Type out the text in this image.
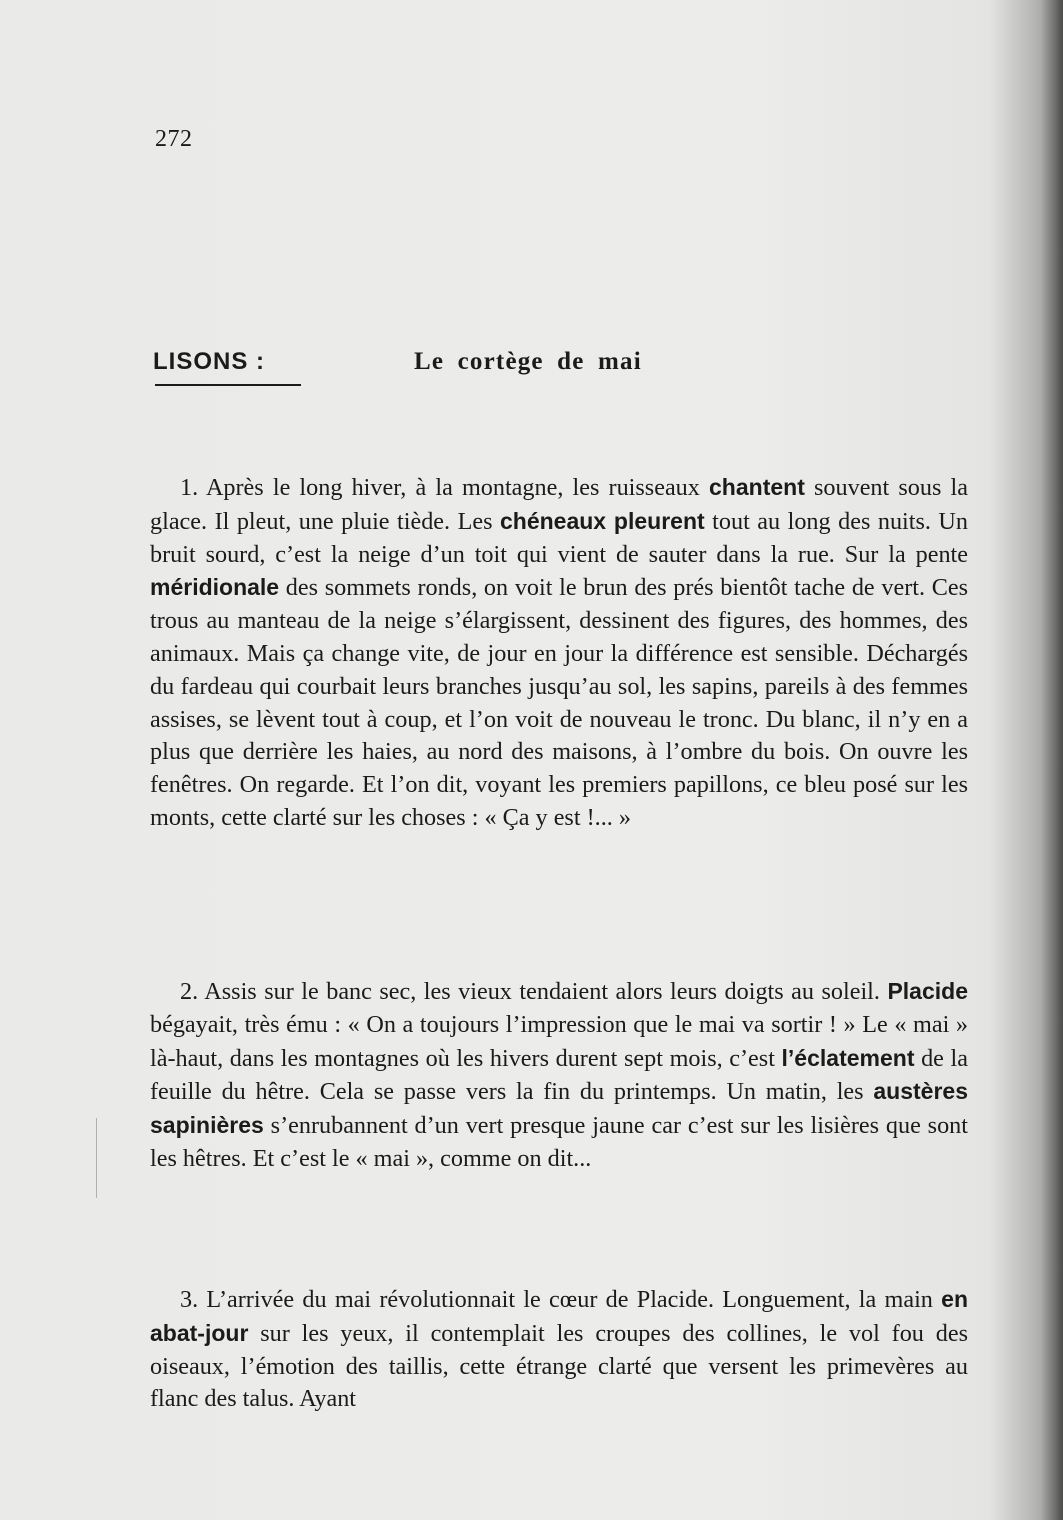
272
LISONS :	Le cortège de mai

1. Après le long hiver, à la montagne, les ruisseaux chantent souvent sous la glace. Il pleut, une pluie tiède. Les chéneaux pleurent tout au long des nuits. Un bruit sourd, c’est la neige d’un toit qui vient de sauter dans la rue. Sur la pente méridionale des sommets ronds, on voit le brun des prés bientôt tache de vert. Ces trous au manteau de la neige s’élargissent, dessinent des figures, des hommes, des animaux. Mais ça change vite, de jour en jour la différence est sensible. Déchargés du fardeau qui courbait leurs branches jusqu’au sol, les sapins, pareils à des femmes assises, se lèvent tout à coup, et l’on voit de nouveau le tronc. Du blanc, il n’y en a plus que derrière les haies, au nord des maisons, à l’ombre du bois. On ouvre les fenêtres. On regarde. Et l’on dit, voyant les premiers papillons, ce bleu posé sur les monts, cette clarté sur les choses : « Ça y est !... »

2. Assis sur le banc sec, les vieux tendaient alors leurs doigts au soleil. Placide bégayait, très ému : « On a toujours l’impression que le mai va sortir ! » Le « mai » là-haut, dans les montagnes où les hivers durent sept mois, c’est l’éclatement de la feuille du hêtre. Cela se passe vers la fin du printemps. Un matin, les austères sapinières s’enrubannent d’un vert presque jaune car c’est sur les lisières que sont les hêtres. Et c’est le « mai », comme on dit...

3. L’arrivée du mai révolutionnait le cœur de Placide. Longuement, la main en abat-jour sur les yeux, il contemplait les croupes des collines, le vol fou des oiseaux, l’émotion des taillis, cette étrange clarté que versent les primevères au flanc des talus. Ayant
